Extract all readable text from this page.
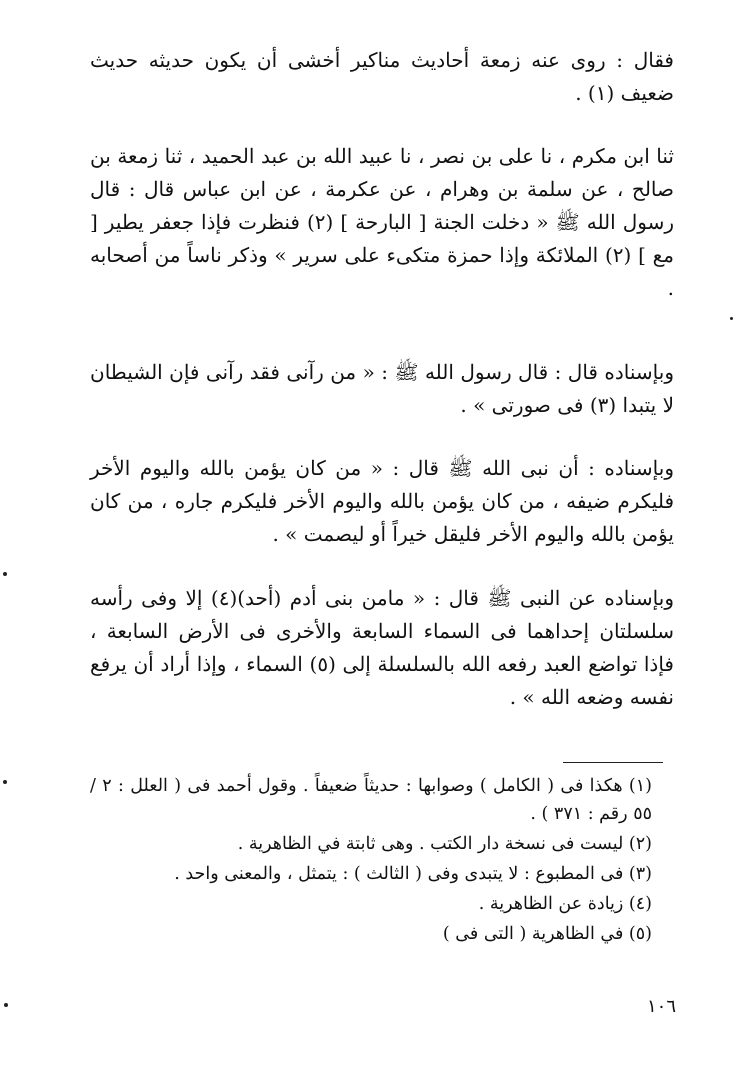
فقال : روى عنه زمعة أحاديث مناكير أخشى أن يكون حديثه حديث ضعيف (١) .

ثنا ابن مكرم ، نا على بن نصر ، نا عبيد الله بن عبد الحميد ، ثنا زمعة بن صالح ، عن سلمة بن وهرام ، عن عكرمة ، عن ابن عباس قال : قال رسول الله ﷺ « دخلت الجنة [ البارحة ] (٢) فنظرت فإذا جعفر يطير [ مع ] (٢) الملائكة وإذا حمزة متكىء على سرير » وذكر ناساً من أصحابه .

وبإسناده قال : قال رسول الله ﷺ : « من رآنى فقد رآنى فإن الشيطان لا يتبدا (٣) فى صورتى » .

وبإسناده : أن نبى الله ﷺ قال : « من كان يؤمن بالله واليوم الأخر فليكرم ضيفه ، من كان يؤمن بالله واليوم الأخر فليكرم جاره ، من كان يؤمن بالله واليوم الأخر فليقل خيراً أو ليصمت » .

وبإسناده عن النبى ﷺ قال : « مامن بنى أدم (أحد)(٤) إلا وفى رأسه سلسلتان إحداهما فى السماء السابعة والأخرى فى الأرض السابعة ، فإذا تواضع العبد رفعه الله بالسلسلة إلى (٥) السماء ، وإذا أراد أن يرفع نفسه وضعه الله » .

(١) هكذا فى ( الكامل ) وصوابها : حديثاً ضعيفاً . وقول أحمد فى ( العلل : ٢ / ٥٥ رقم : ٣٧١ ) .

(٢) ليست فى نسخة دار الكتب . وهى ثابتة في الظاهرية .

(٣) فى المطبوع : لا يتبدى وفى ( الثالث ) : يتمثل ، والمعنى واحد .

(٤) زيادة عن الظاهرية .

(٥) في الظاهرية ( التى فى )

١٠٦
